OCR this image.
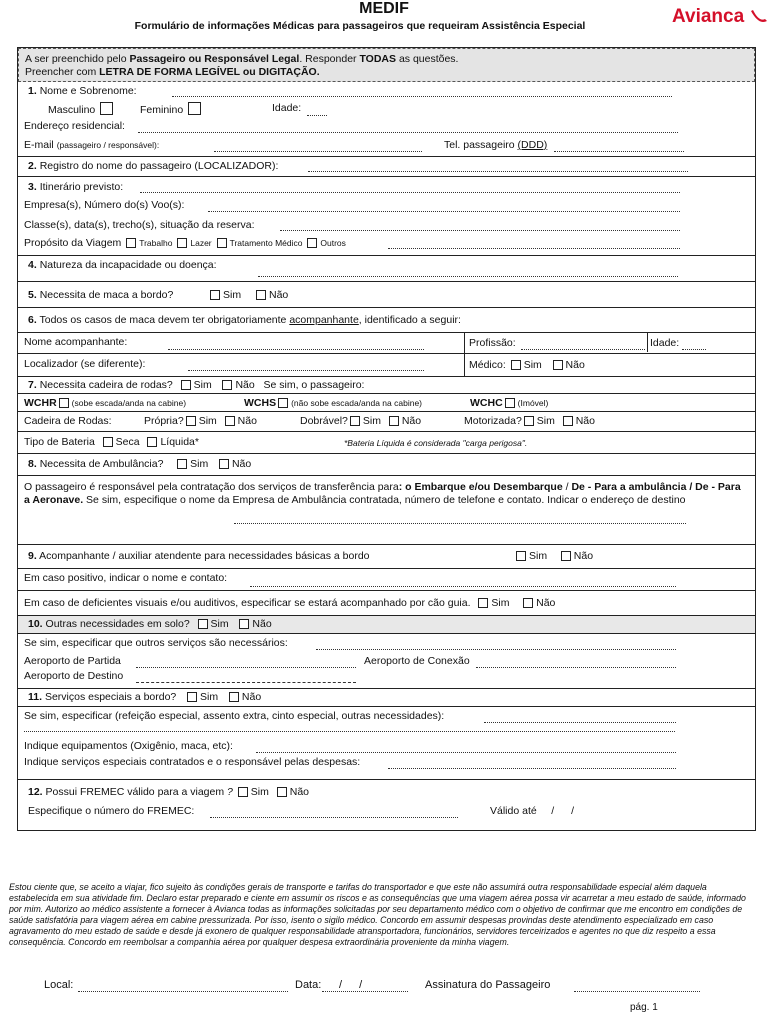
MEDIF
Formulário de informações Médicas para passageiros que requeiram Assistência Especial	Avianca
A ser preenchido pelo Passageiro ou Responsável Legal. Responder TODAS as questões.
Preencher com LETRA DE FORMA LEGÍVEL ou DIGITAÇÃO.
1. Nome e Sobrenome:
Masculino	Feminino	Idade:
Endereço residencial:
E-mail (passageiro / responsável):	Tel. passageiro (DDD)
2. Registro do nome do passageiro (LOCALIZADOR):
3. Itinerário previsto:
Empresa(s), Número do(s) Voo(s):
Classe(s), data(s), trecho(s), situação da reserva:
Propósito da Viagem Trabalho Lazer Tratamento Médico Outros
4. Natureza da incapacidade ou doença:
5. Necessita de maca a bordo?	Sim	Não
6. Todos os casos de maca devem ter obrigatoriamente acompanhante, identificado a seguir:
Nome acompanhante:	Profissão:	Idade:
Localizador (se diferente):	Médico: Sim Não
7. Necessita cadeira de rodas? Sim Não Se sim, o passageiro:
WCHR (sobe escada/anda na cabine)	WCHS (não sobe escada/anda na cabine)	WCHC (Imóvel)
Cadeira de Rodas:	Própria? Sim Não	Dobrável? Sim Não	Motorizada? Sim Não
Tipo de Bateria Seca Líquida*	*Bateria Líquida é considerada "carga perigosa".
8. Necessita de Ambulância?	Sim Não
O passageiro é responsável pela contratação dos serviços de transferência para: o Embarque e/ou Desembarque / De - Para a ambulância / De - Para a Aeronave. Se sim, especifique o nome da Empresa de Ambulância contratada, número de telefone e contato. Indicar o endereço de destino
9. Acompanhante / auxiliar atendente para necessidades básicas a bordo	Sim	Não
Em caso positivo, indicar o nome e contato:
Em caso de deficientes visuais e/ou auditivos, especificar se estará acompanhado por cão guia. Sim	Não
10. Outras necessidades em solo? Sim Não
Se sim, especificar que outros serviços são necessários:
Aeroporto de Partida	Aeroporto de Conexão
Aeroporto de Destino
11. Serviços especiais a bordo? Sim Não
Se sim, especificar (refeição especial, assento extra, cinto especial, outras necessidades):
Indique equipamentos (Oxigênio, maca, etc):
Indique serviços especiais contratados e o responsável pelas despesas:
12. Possui FREMEC válido para a viagem ? Sim Não
Especifique o número do FREMEC:	Válido até / /
Estou ciente que, se aceito a viajar, fico sujeito às condições gerais de transporte e tarifas do transportador e que este não assumirá outra responsabilidade especial além daquela estabelecida em sua atividade fim. Declaro estar preparado e ciente em assumir os riscos e as consequências que uma viagem aérea possa vir acarretar a meu estado de saúde, informado por mim. Autorizo ao médico assistente a fornecer à Avianca todas as informações solicitadas por seu departamento médico com o objetivo de confirmar que me encontro em condições de saúde satisfatória para viagem aérea em cabine pressurizada. Por isso, isento o sigilo médico. Concordo em assumir despesas provindas deste atendimento especializado em caso agravamento do meu estado de saúde e desde já exonero de qualquer responsabilidade atransportadora, funcionários, servidores terceirizados e agentes no que diz respeito a essa consequência. Concordo em reembolsar a companhia aérea por qualquer despesa extraordinária proveniente da minha viagem.
Local:	Data: / /	Assinatura do Passageiro
pág. 1
